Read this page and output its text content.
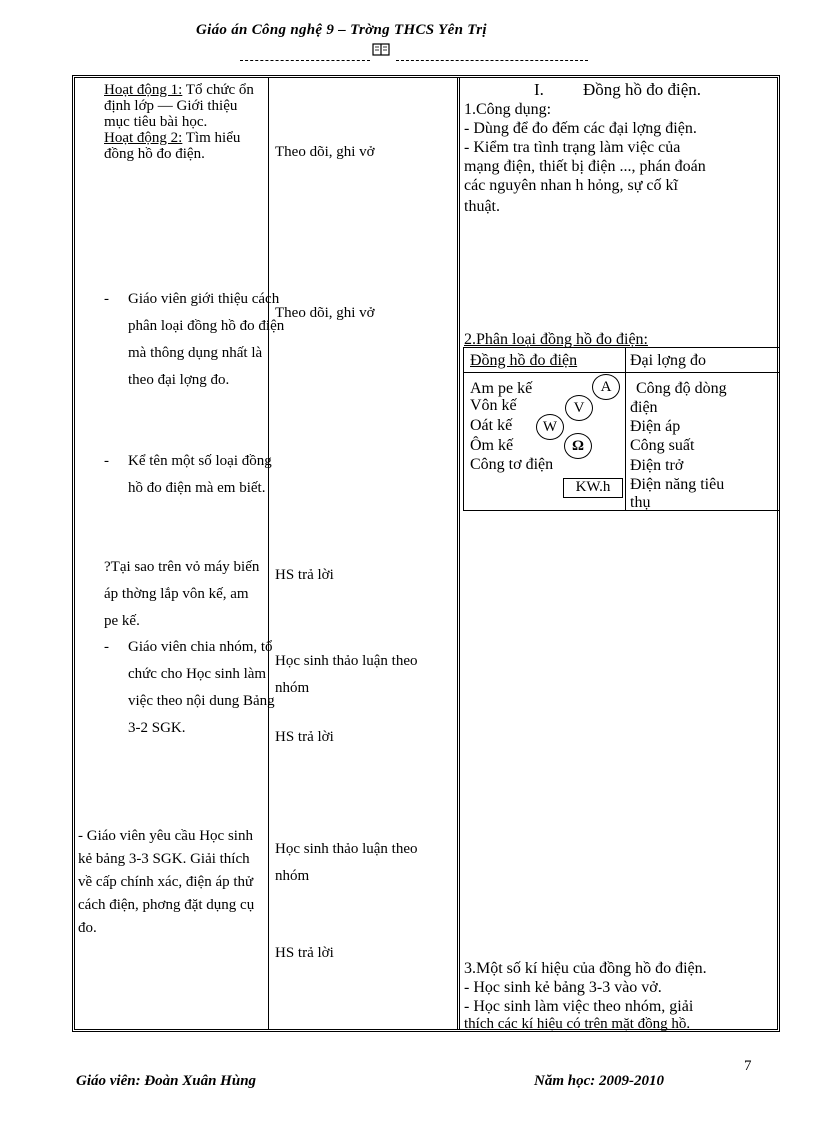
Giáo án Công nghệ 9 – Trờng THCS Yên Trị
Hoạt động 1: Tổ chức ổn định lớp — Giới thiệu mục tiêu bài học.
Hoạt động 2: Tìm hiểu đồng hồ đo điện.
- Giáo viên giới thiệu cách phân loại đồng hồ đo điện mà thông dụng nhất là theo đại lợng đo.
- Kể tên một số loại đồng hồ đo điện mà em biết.
?Tại sao trên vỏ máy biến áp thờng lắp vôn kế, am pe kế.
- Giáo viên chia nhóm, tổ chức cho Học sinh làm việc theo nội dung Bảng 3-2 SGK.
- Giáo viên yêu cầu Học sinh kẻ bảng 3-3 SGK. Giải thích về cấp chính xác, điện áp thử cách điện, phơng đặt dụng cụ đo.
Theo dõi, ghi vở
Theo dõi, ghi vở
HS trả lời
Học sinh thảo luận theo nhóm
HS trả lời
Học sinh thảo luận theo nhóm
HS trả lời
I. Đồng hồ đo điện.
1.Công dụng:
- Dùng để đo đếm các đại lợng điện.
- Kiểm tra tình trạng làm việc của
mạng điện, thiết bị điện ..., phán đoán
các nguyên nhan h hỏng, sự cố kĩ
thuật.
2.Phân loại đồng hồ đo điện:
Đồng hồ đo điện	Đại lợng đo
Am pe kế
Vôn kế
Oát kế
Ôm kế
Công tơ điện
A
V
W
Ω
KW.h
Công độ dòng
điện
Điện áp
Công suất
Điện trở
Điện năng tiêu
thụ
3.Một số kí hiệu của đồng hồ đo điện.
- Học sinh kẻ bảng 3-3 vào vở.
- Học sinh làm việc theo nhóm, giải
thích các kí hiệu có trên mặt đồng hồ.
7
Giáo viên: Đoàn Xuân Hùng	Năm học: 2009-2010
